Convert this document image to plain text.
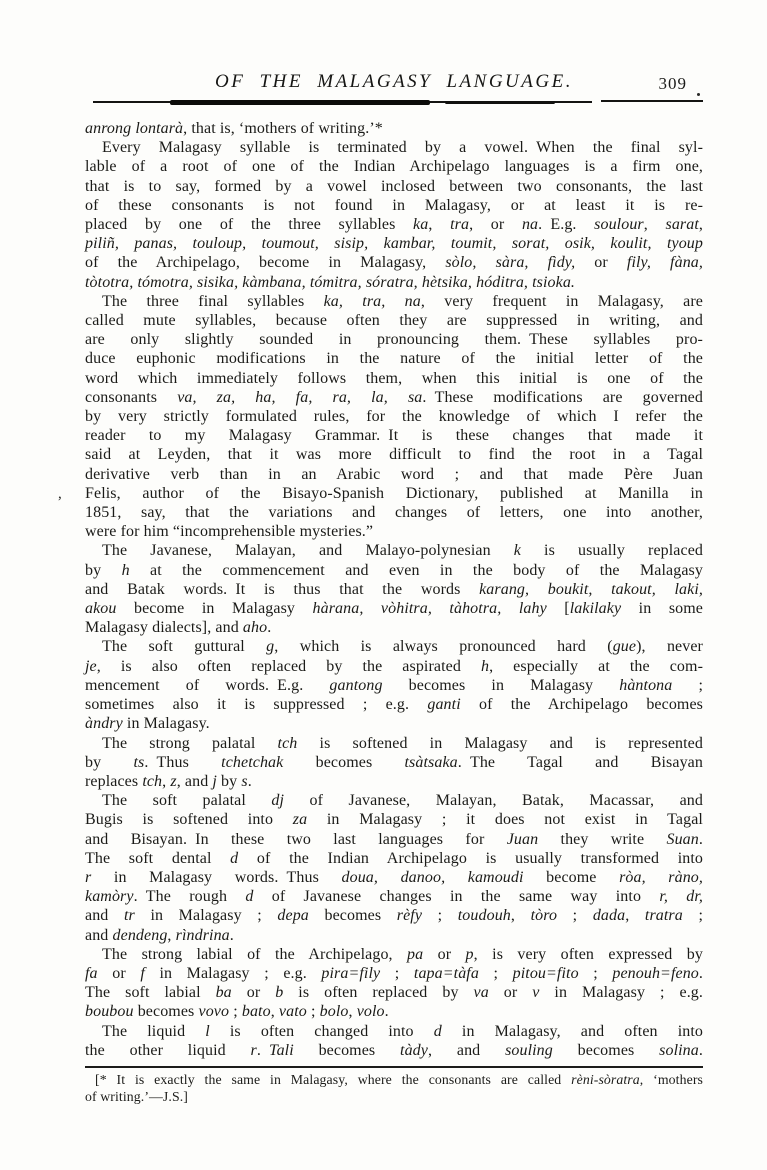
OF THE MALAGASY LANGUAGE.	309
,
anrong lontarà, that is, ‘mothers of writing.’*
Every Malagasy syllable is terminated by a vowel. When the final syl-
lable of a root of one of the Indian Archipelago languages is a firm one,
that is to say, formed by a vowel inclosed between two consonants, the last
of these consonants is not found in Malagasy, or at least it is re-
placed by one of the three syllables ka, tra, or na. E.g. soulour, sarat,
piliñ, panas, touloup, toumout, sisip, kambar, toumit, sorat, osik, koulit, tyoup
of the Archipelago, become in Malagasy, sòlo, sàra, fìdy, or fily, fàna,
tòtotra, tómotra, sisika, kàmbana, tómitra, sóratra, hètsika, hóditra, tsioka.
The three final syllables ka, tra, na, very frequent in Malagasy, are
called mute syllables, because often they are suppressed in writing, and
are only slightly sounded in pronouncing them. These syllables pro-
duce euphonic modifications in the nature of the initial letter of the
word which immediately follows them, when this initial is one of the
consonants va, za, ha, fa, ra, la, sa. These modifications are governed
by very strictly formulated rules, for the knowledge of which I refer the
reader to my Malagasy Grammar. It is these changes that made it
said at Leyden, that it was more difficult to find the root in a Tagal
derivative verb than in an Arabic word ; and that made Père Juan
Felis, author of the Bisayo-Spanish Dictionary, published at Manilla in
1851, say, that the variations and changes of letters, one into another,
were for him “incomprehensible mysteries.”
The Javanese, Malayan, and Malayo-polynesian k is usually replaced
by h at the commencement and even in the body of the Malagasy
and Batak words. It is thus that the words karang, boukit, takout, laki,
akou become in Malagasy hàrana, vòhitra, tàhotra, lahy [lakilaky in some
Malagasy dialects], and aho.
The soft guttural g, which is always pronounced hard (gue), never
je, is also often replaced by the aspirated h, especially at the com-
mencement of words. E.g. gantong becomes in Malagasy hàntona ;
sometimes also it is suppressed ; e.g. ganti of the Archipelago becomes
àndry in Malagasy.
The strong palatal tch is softened in Malagasy and is represented
by ts. Thus tchetchak becomes tsàtsaka. The Tagal and Bisayan
replaces tch, z, and j by s.
The soft palatal dj of Javanese, Malayan, Batak, Macassar, and
Bugis is softened into za in Malagasy ; it does not exist in Tagal
and Bisayan. In these two last languages for Juan they write Suan.
The soft dental d of the Indian Archipelago is usually transformed into
r in Malagasy words. Thus doua, danoo, kamoudi become ròa, ràno,
kamòry. The rough d of Javanese changes in the same way into r, dr,
and tr in Malagasy ; depa becomes rèfy ; toudouh, tòro ; dada, tratra ;
and dendeng, rìndrina.
The strong labial of the Archipelago, pa or p, is very often expressed by
fa or f in Malagasy ; e.g. pira=fily ; tapa=tàfa ; pitou=fito ; penouh=feno.
The soft labial ba or b is often replaced by va or v in Malagasy ; e.g.
boubou becomes vovo ; bato, vato ; bolo, volo.
The liquid l is often changed into d in Malagasy, and often into
the other liquid r. Tali becomes tàdy, and souling becomes solina.
[* It is exactly the same in Malagasy, where the consonants are called rèni-sòratra, ‘mothers
of writing.’—J.S.]
